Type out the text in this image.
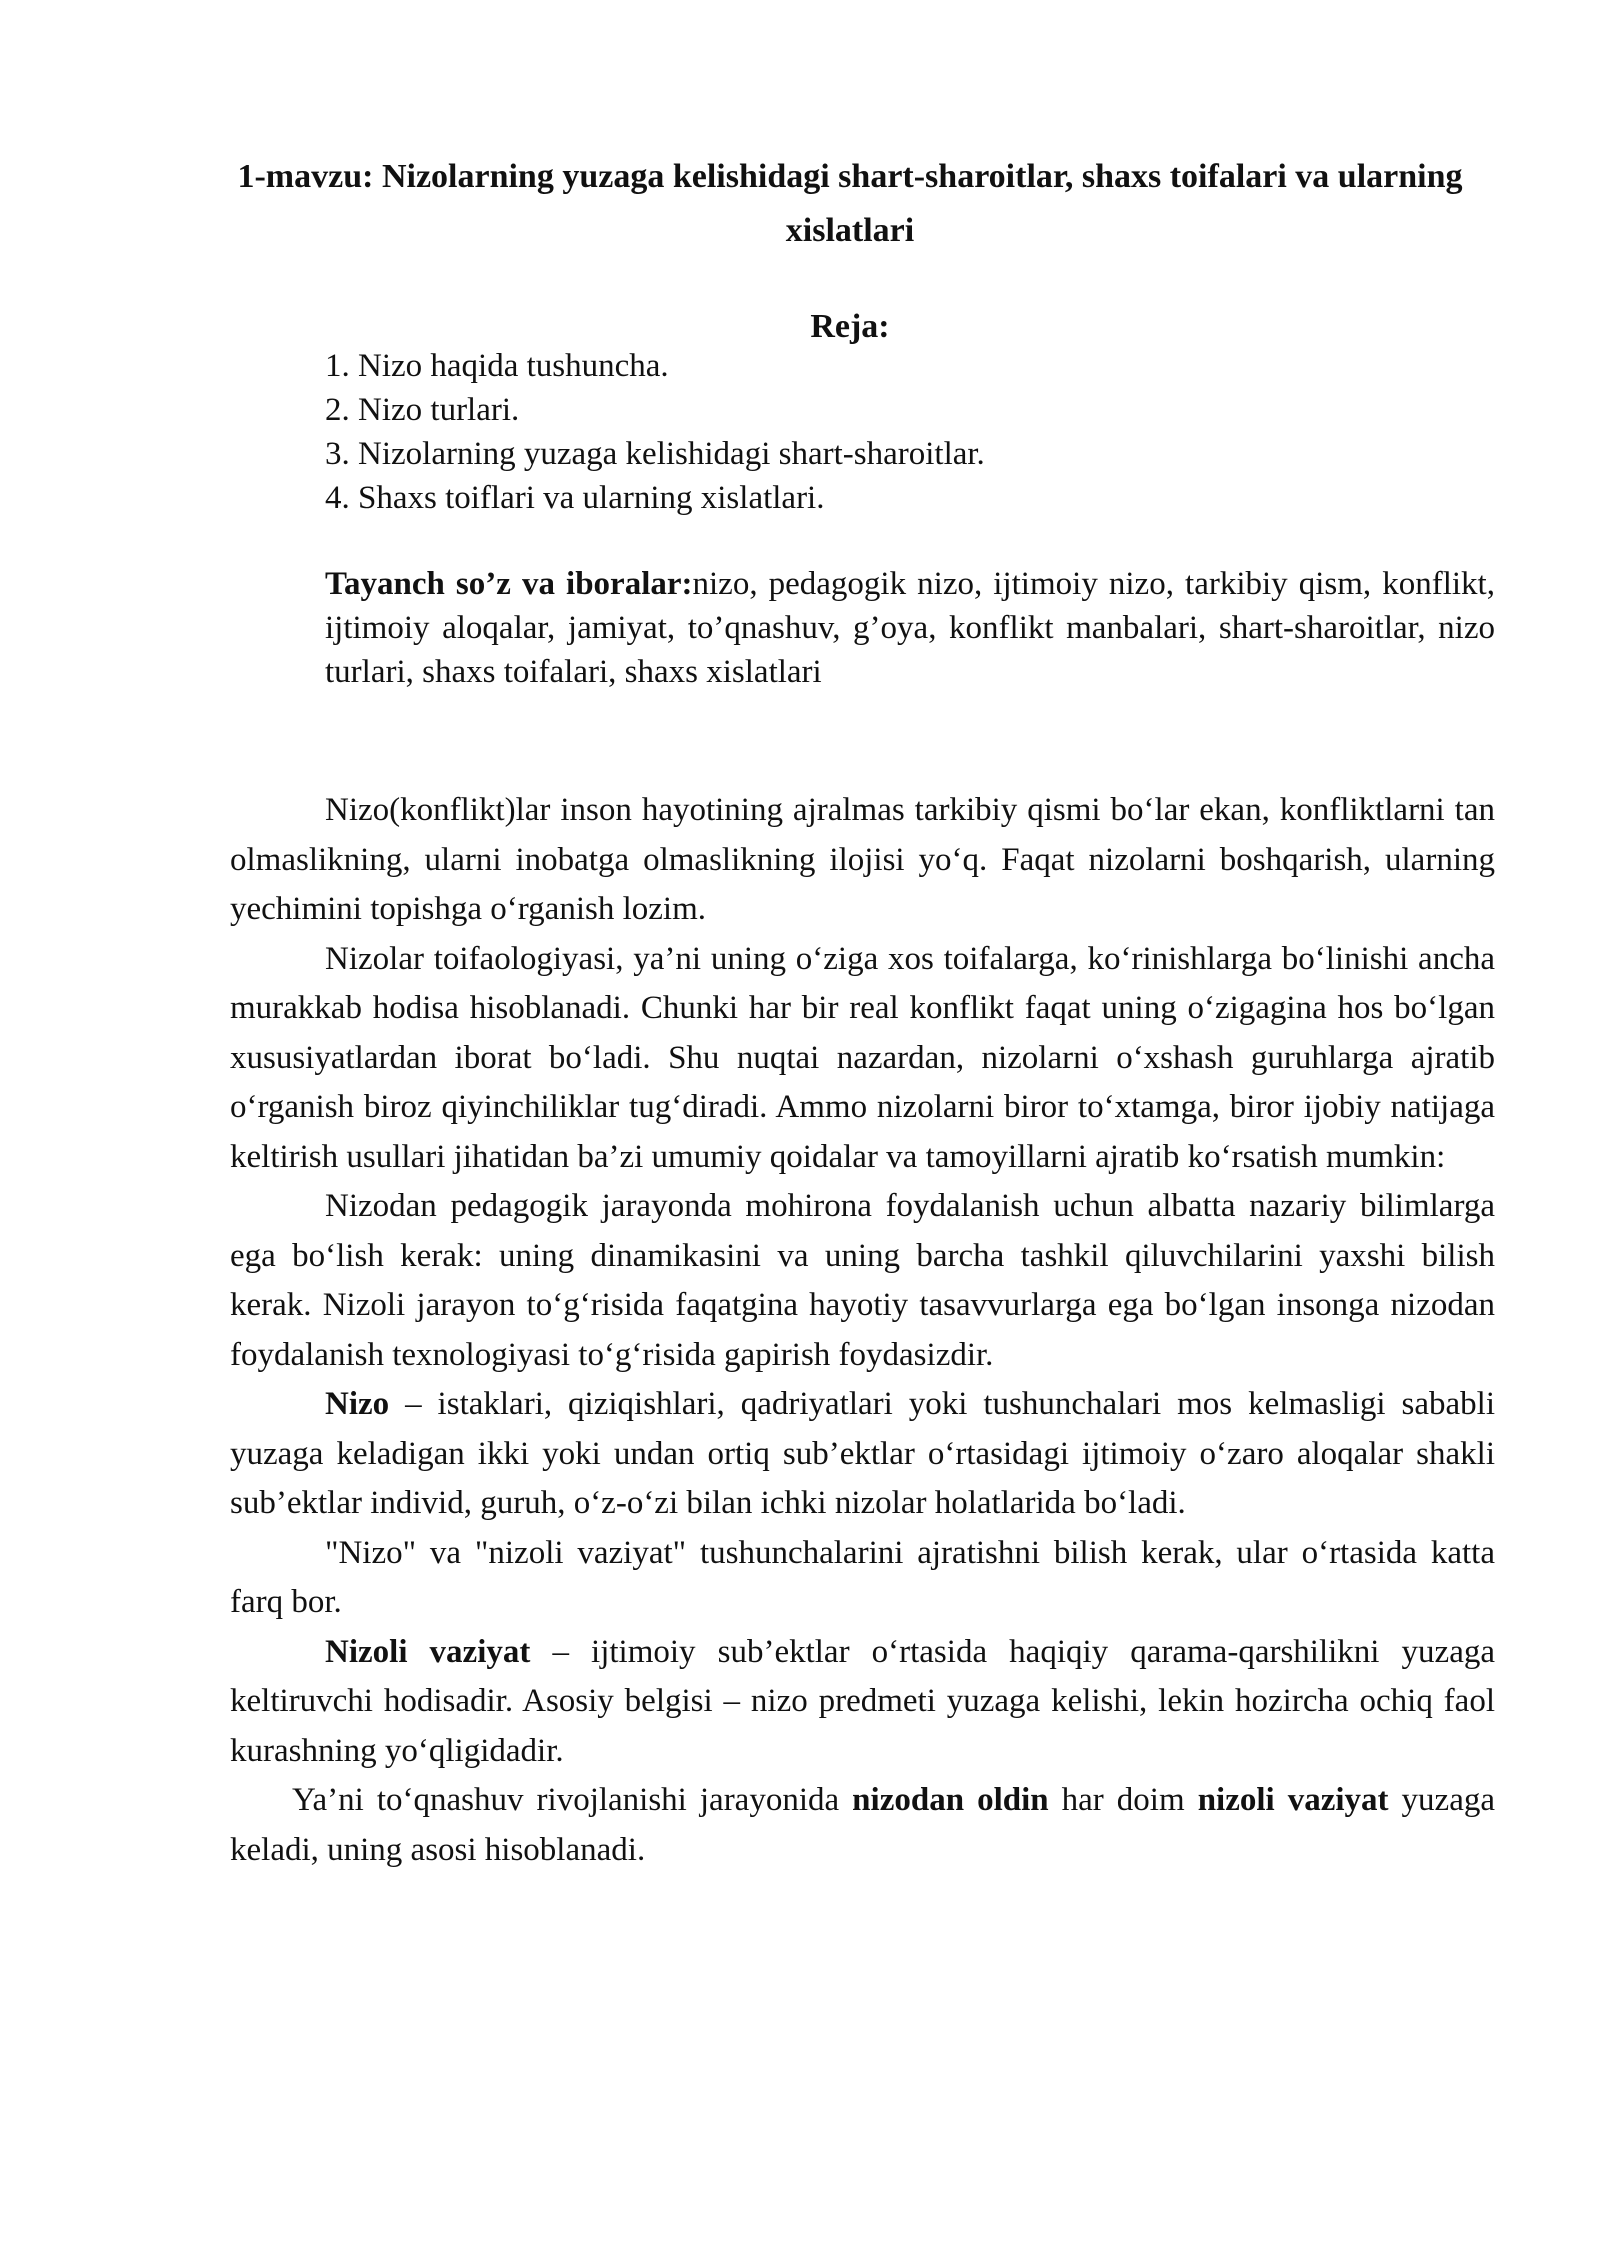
1-mavzu: Nizolarning yuzaga kelishidagi shart-sharoitlar, shaxs toifalari va ularning xislatlari
Reja:
1. Nizo haqida tushuncha.
2. Nizo turlari.
3. Nizolarning yuzaga kelishidagi shart-sharoitlar.
4. Shaxs toiflari va ularning xislatlari.
Tayanch so’z va iboralar:nizo, pedagogik nizo, ijtimoiy nizo, tarkibiy qism, konflikt, ijtimoiy aloqalar, jamiyat, to’qnashuv, g’oya, konflikt manbalari, shart-sharoitlar, nizo turlari, shaxs toifalari, shaxs xislatlari

Nizo(konflikt)lar inson hayotining ajralmas tarkibiy qismi bo‘lar ekan, konfliktlarni tan olmaslikning, ularni inobatga olmaslikning ilojisi yo‘q. Faqat nizolarni boshqarish, ularning yechimini topishga o‘rganish lozim.

Nizolar toifaologiyasi, ya’ni uning o‘ziga xos toifalarga, ko‘rinishlarga bo‘linishi ancha murakkab hodisa hisoblanadi. Chunki har bir real konflikt faqat uning o‘zigagina hos bo‘lgan xususiyatlardan iborat bo‘ladi. Shu nuqtai nazardan, nizolarni o‘xshash guruhlarga ajratib o‘rganish biroz qiyinchiliklar tug‘diradi. Ammo nizolarni biror to‘xtamga, biror ijobiy natijaga keltirish usullari jihatidan ba’zi umumiy qoidalar va tamoyillarni ajratib ko‘rsatish mumkin:

Nizodan pedagogik jarayonda mohirona foydalanish uchun albatta nazariy bilimlarga ega bo‘lish kerak: uning dinamikasini va uning barcha tashkil qiluvchilarini yaxshi bilish kerak. Nizoli jarayon to‘g‘risida faqatgina hayotiy tasavvurlarga ega bo‘lgan insonga nizodan foydalanish texnologiyasi to‘g‘risida gapirish foydasizdir.

Nizo – istaklari, qiziqishlari, qadriyatlari yoki tushunchalari mos kelmasligi sababli yuzaga keladigan ikki yoki undan ortiq sub’ektlar o‘rtasidagi ijtimoiy o‘zaro aloqalar shakli sub’ektlar individ, guruh, o‘z-o‘zi bilan ichki nizolar holatlarida bo‘ladi.

"Nizo" va "nizoli vaziyat" tushunchalarini ajratishni bilish kerak, ular o‘rtasida katta farq bor.

Nizoli vaziyat – ijtimoiy sub’ektlar o‘rtasida haqiqiy qarama-qarshilikni yuzaga keltiruvchi hodisadir. Asosiy belgisi – nizo predmeti yuzaga kelishi, lekin hozircha ochiq faol kurashning yo‘qligidadir.

Ya’ni to‘qnashuv rivojlanishi jarayonida nizodan oldin har doim nizoli vaziyat yuzaga keladi, uning asosi hisoblanadi.
